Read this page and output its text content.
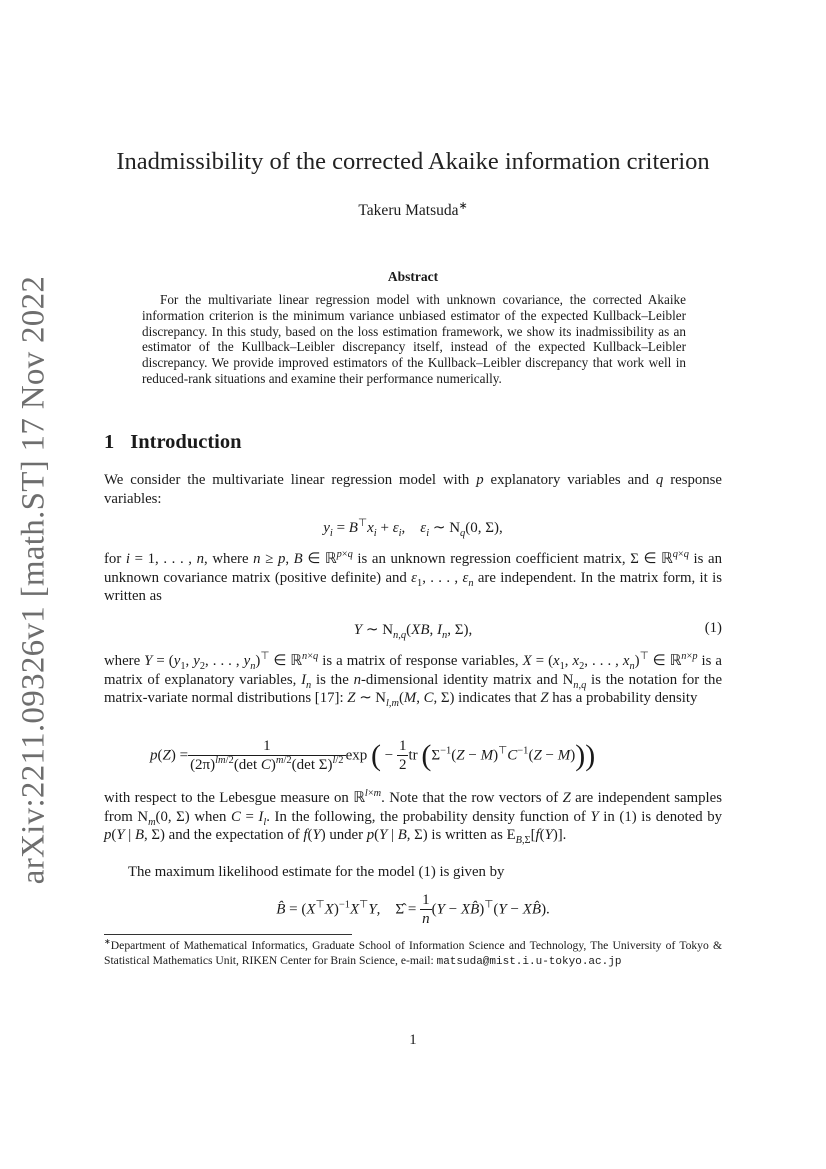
arXiv:2211.09326v1 [math.ST] 17 Nov 2022
Inadmissibility of the corrected Akaike information criterion
Takeru Matsuda∗
Abstract
For the multivariate linear regression model with unknown covariance, the corrected Akaike information criterion is the minimum variance unbiased estimator of the expected Kullback–Leibler discrepancy. In this study, based on the loss estimation framework, we show its inadmissibility as an estimator of the Kullback–Leibler discrepancy itself, instead of the expected Kullback–Leibler discrepancy. We provide improved estimators of the Kullback–Leibler discrepancy that work well in reduced-rank situations and examine their performance numerically.
1 Introduction
We consider the multivariate linear regression model with p explanatory variables and q response variables:
$y_i = B^⊤x_i + \varepsilon_i$,    $\varepsilon_i$ ∼ $N_q(0$, Σ),
for i = 1, . . . , n, where n ≥ p, B ∈ ℝ$^{p\times q}$ is an unknown regression coefficient matrix, Σ ∈ ℝ$^{q\times q}$ is an unknown covariance matrix (positive definite) and $\varepsilon_1$, . . . , $\varepsilon_n$ are independent. In the matrix form, it is written as
Y ∼ $N_{n,q}(XB$, $I_n$, Σ),	(1)
where $Y = (y_1$, $y_2$, . . . , $y_n)^⊤$ ∈ ℝ$^{n\times q}$ is a matrix of response variables, $X = (x_1$, $x_2$, . . . , $x_n)^⊤$ ∈ ℝ$^{n\times p}$ is a matrix of explanatory variables, $I_n$ is the n-dimensional identity matrix and $N_{n,q}$ is the notation for the matrix-variate normal distributions [17]: Z ∼ $N_{l,m}(M$, C, Σ) indicates that Z has a probability density
$p(Z) = \frac{1}{(2\pi)^{lm/2}(\det C)^{m/2}(\det \Sigma)^{l/2}}$ exp ( − $\frac{1}{2}$ tr $(\Sigma^{-1}(Z - M)^⊤C^{-1}(Z - M))$)
with respect to the Lebesgue measure on ℝ$^{l\times m}$. Note that the row vectors of Z are independent samples from $N_m(0$, Σ) when $C = I_l$. In the following, the probability density function of Y in (1) is denoted by p(Y | B, Σ) and the expectation of f(Y) under p(Y | B, Σ) is written as $E_{B,\Sigma}[f(Y)]$.
The maximum likelihood estimate for the model (1) is given by
B̂ = $(X^⊤X)^{-1}X^⊤Y$,    Σ̂ = $\frac{1}{n} (Y$ − XB̂)⊤(Y − XB̂).
∗Department of Mathematical Informatics, Graduate School of Information Science and Technology, The University of Tokyo & Statistical Mathematics Unit, RIKEN Center for Brain Science, e-mail: matsuda@mist.i.u-tokyo.ac.jp
1
